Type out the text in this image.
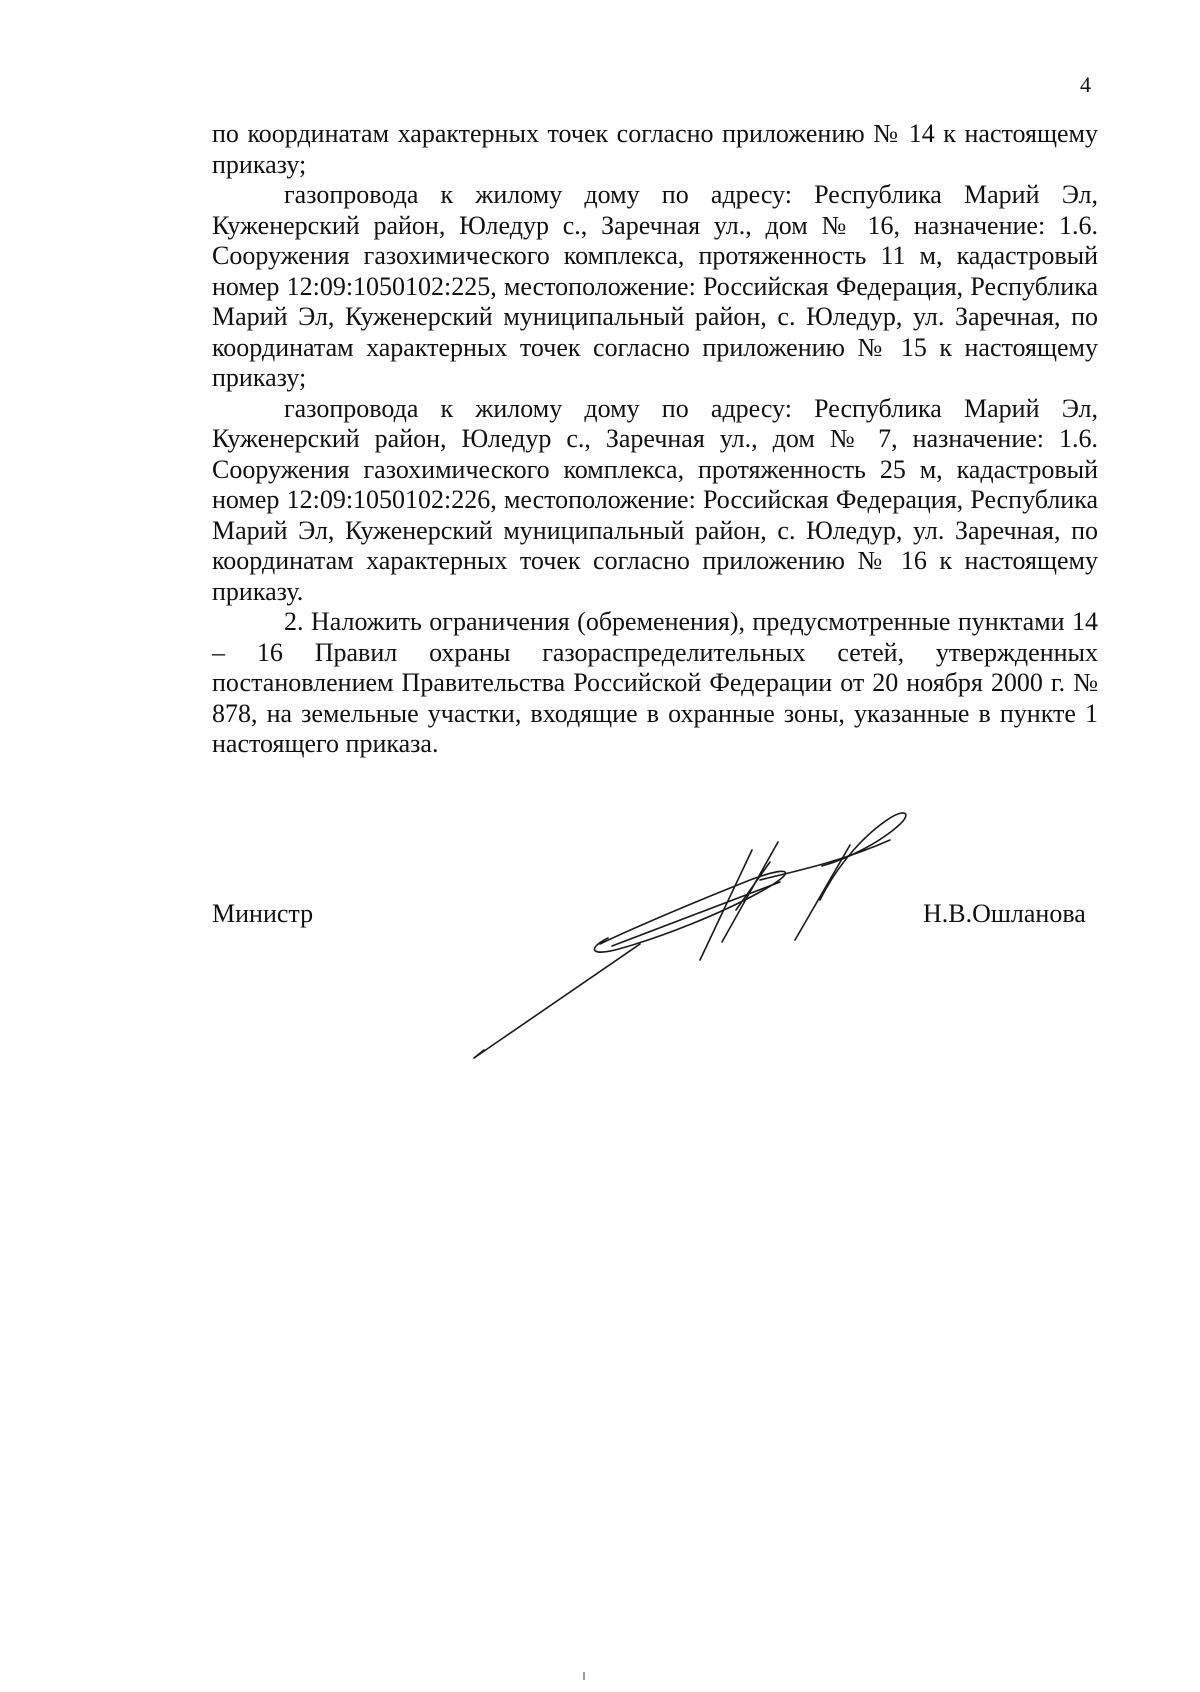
4

по координатам характерных точек согласно приложению № 14 к настоящему приказу;

газопровода к жилому дому по адресу: Республика Марий Эл, Куженерский район, Юледур с., Заречная ул., дом № 16, назначение: 1.6. Сооружения газохимического комплекса, протяженность 11 м, кадастровый номер 12:09:1050102:225, местоположение: Российская Федерация, Республика Марий Эл, Куженерский муниципальный район, с. Юледур, ул. Заречная, по координатам характерных точек согласно приложению № 15 к настоящему приказу;

газопровода к жилому дому по адресу: Республика Марий Эл, Куженерский район, Юледур с., Заречная ул., дом № 7, назначение: 1.6. Сооружения газохимического комплекса, протяженность 25 м, кадастровый номер 12:09:1050102:226, местоположение: Российская Федерация, Республика Марий Эл, Куженерский муниципальный район, с. Юледур, ул. Заречная, по координатам характерных точек согласно приложению № 16 к настоящему приказу.

2. Наложить ограничения (обременения), предусмотренные пунктами 14 – 16 Правил охраны газораспределительных сетей, утвержденных постановлением Правительства Российской Федерации от 20 ноября 2000 г. № 878, на земельные участки, входящие в охранные зоны, указанные в пункте 1 настоящего приказа.

Министр	Н.В.Ошланова
